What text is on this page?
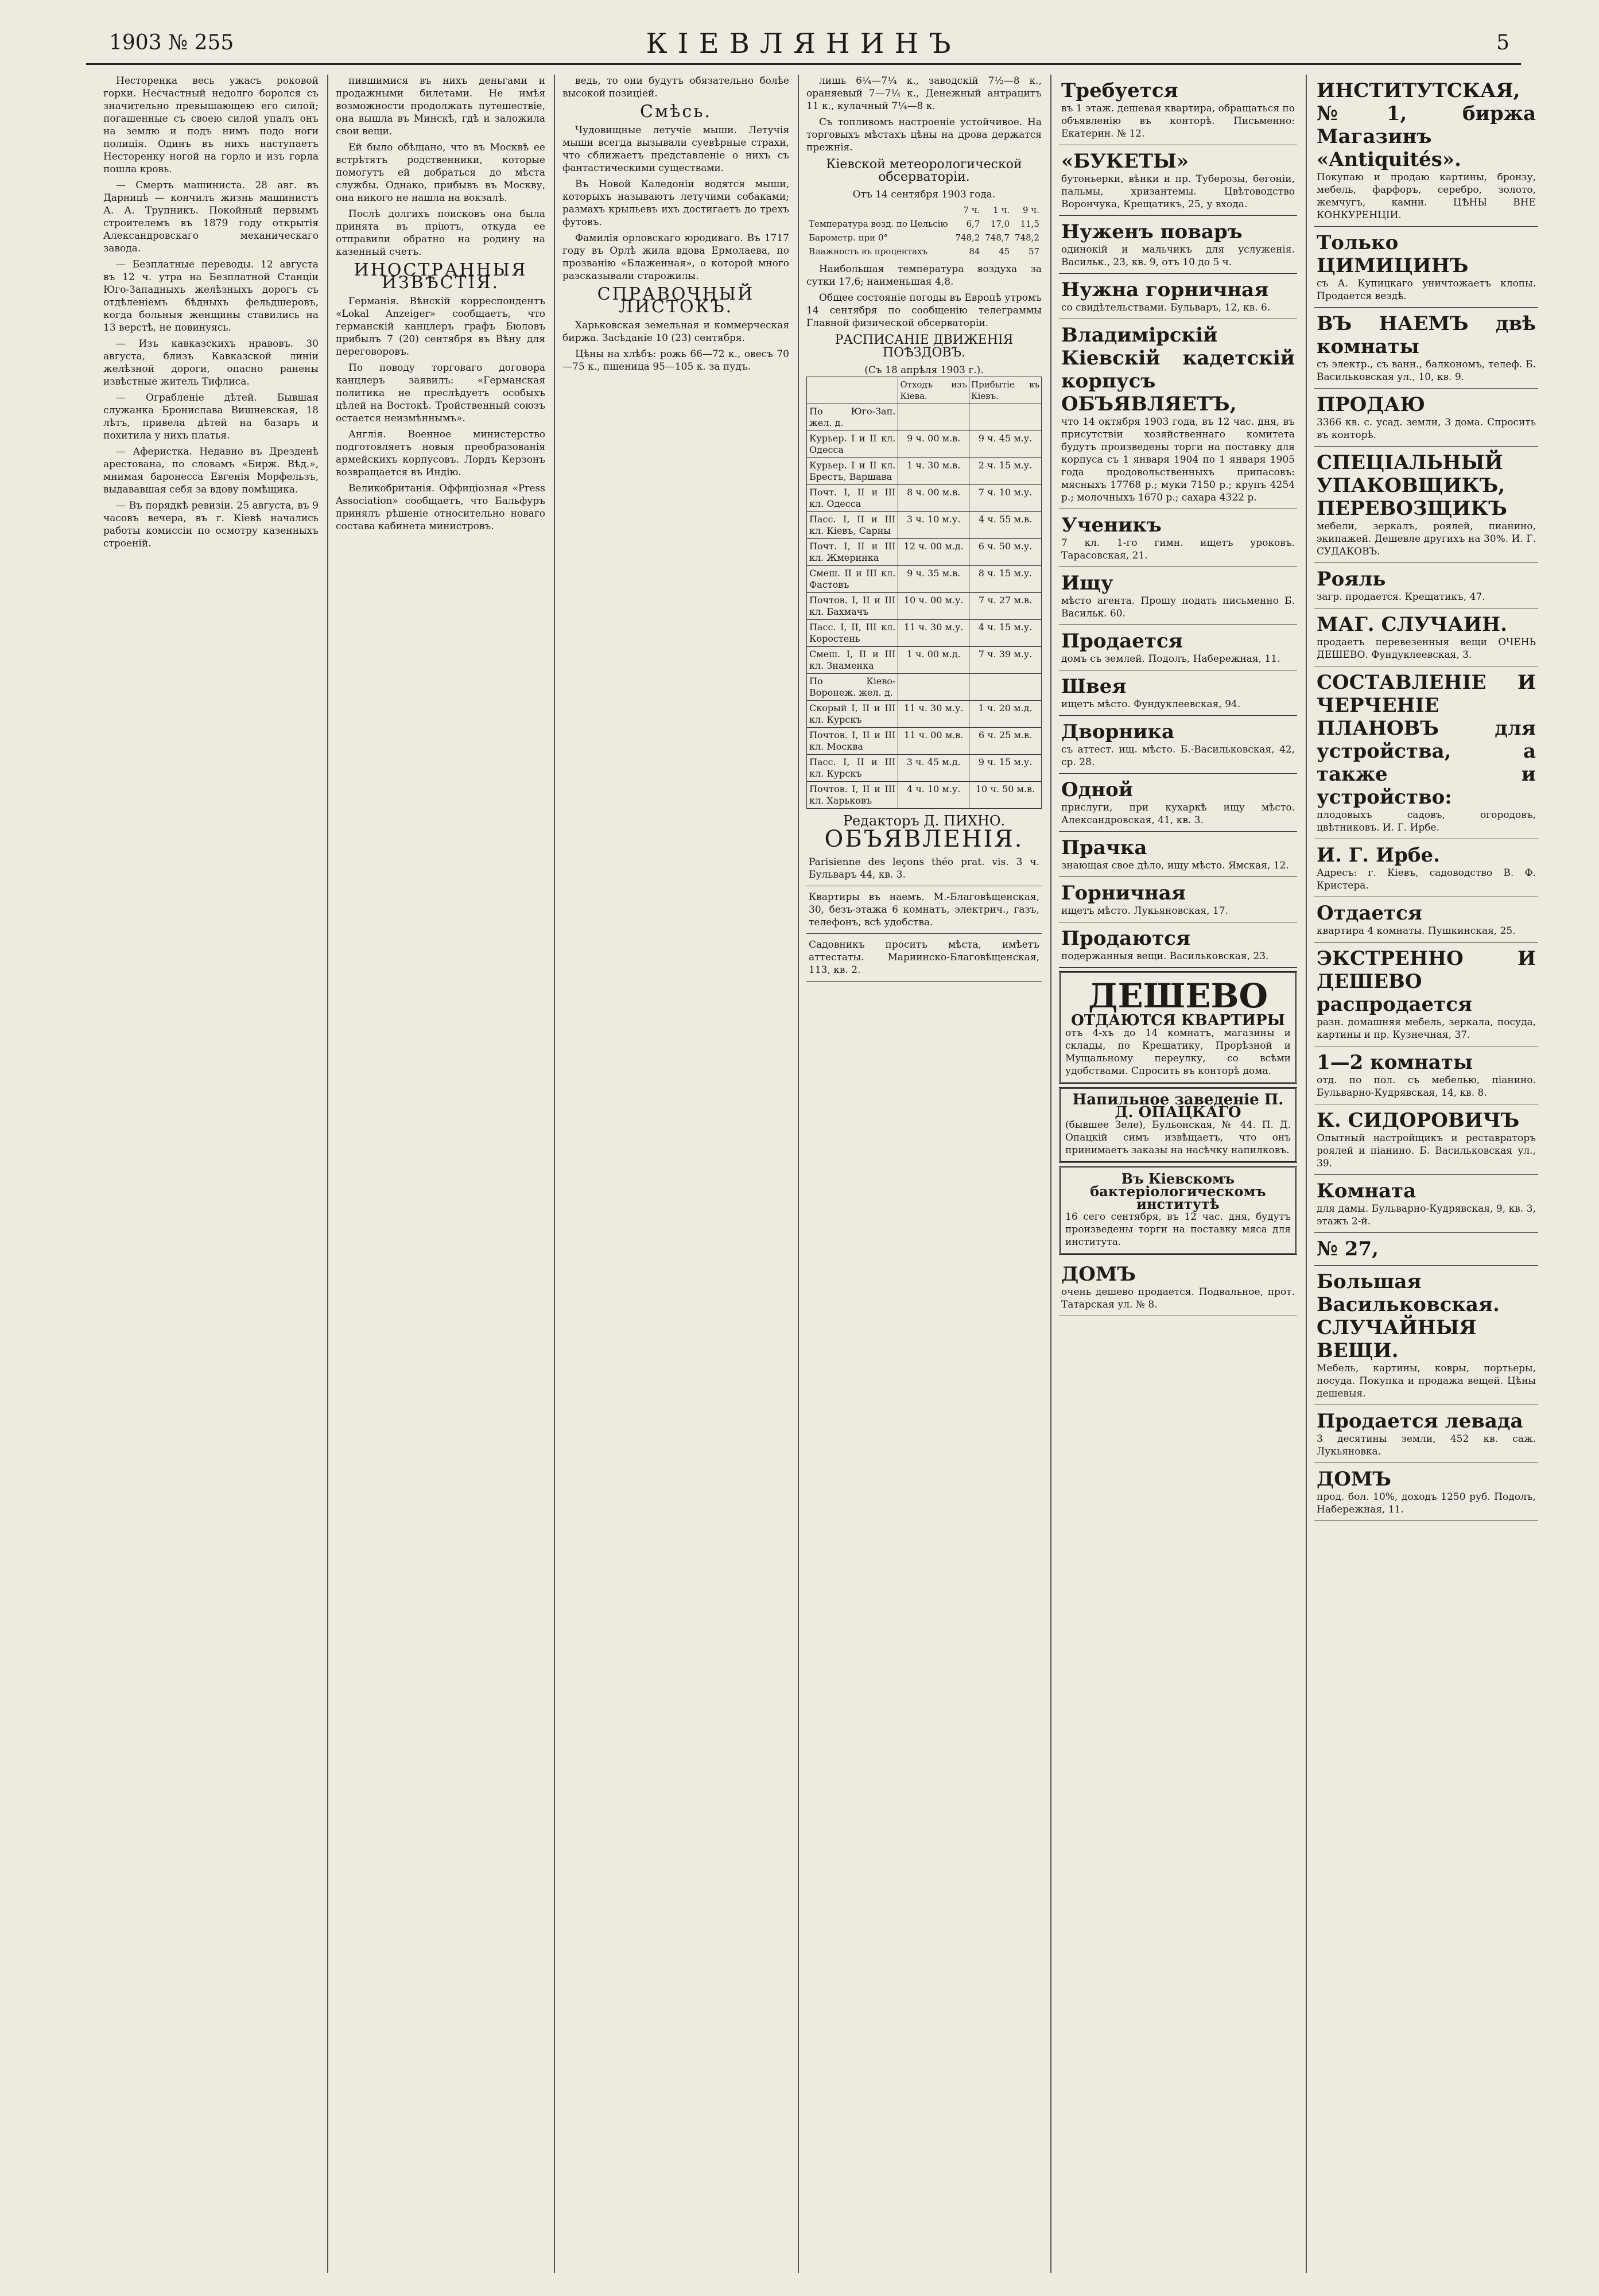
1903 № 255	КІЕВЛЯНИНЪ	5

Несторенка весь ужасъ роковой горки. Несчастный недолго боролся съ значительно превышающею его силой; погашенные съ своею силой упалъ онъ на землю и подъ нимъ подо ноги полиція. Одинъ въ нихъ наступаетъ Несторенку ногой на горло и изъ горла пошла кровь.

— Смерть машиниста. 28 авг. въ Дарницѣ — кончилъ жизнь машинистъ А. А. Трупникъ. Покойный первымъ строителемъ въ 1879 году открытія Александровскаго механическаго завода.

— Безплатные переводы. 12 августа въ 12 ч. утра на Безплатной Станціи Юго-Западныхъ желѣзныхъ дорогъ съ отдѣленіемъ бѣдныхъ фельдшеровъ, когда больныя женщины ставились на 13 верстѣ, не повинуясь.

— Изъ кавказскихъ нравовъ. 30 августа, близъ Кавказской линіи желѣзной дороги, опасно ранены извѣстные житель Тифлиса.

— Ограбленіе дѣтей. Бывшая служанка Бронислава Вишневская, 18 лѣтъ, привела дѣтей на базаръ и похитила у нихъ платья.

— Аферистка. Недавно въ Дрезденѣ арестована, по словамъ «Бирж. Вѣд.», мнимая баронесса Евгенія Морфельзъ, выдававшая себя за вдову помѣщика.

— Въ порядкѣ ревизіи. 25 августа, въ 9 часовъ вечера, въ г. Кіевѣ начались работы комиссіи по осмотру казенныхъ строеній.

пившимися въ нихъ деньгами и продажными билетами. Не имѣя возможности продолжать путешествіе, она вышла въ Минскѣ, гдѣ и заложила свои вещи.

Ей было обѣщано, что въ Москвѣ ее встрѣтятъ родственники, которые помогутъ ей добраться до мѣста службы. Однако, прибывъ въ Москву, она никого не нашла на вокзалѣ.

Послѣ долгихъ поисковъ она была принята въ пріютъ, откуда ее отправили обратно на родину на казенный счетъ.

ИНОСТРАННЫЯ ИЗВѢСТІЯ.

Германія. Вѣнскій корреспондентъ «Lokal Anzeiger» сообщаетъ, что германскій канцлеръ графъ Бюловъ прибылъ 7 (20) сентября въ Вѣну для переговоровъ.

По поводу торговаго договора канцлеръ заявилъ: «Германская политика не преслѣдуетъ особыхъ цѣлей на Востокѣ. Тройственный союзъ остается неизмѣннымъ».

Англія. Военное министерство подготовляетъ новыя преобразованія армейскихъ корпусовъ. Лордъ Керзонъ возвращается въ Индію.

Великобританія. Оффиціозная «Press Association» сообщаетъ, что Бальфуръ принялъ рѣшеніе относительно новаго состава кабинета министровъ.

ведь, то они будутъ обязательно болѣе высокой позиціей.

Смѣсь.

Чудовищные летучіе мыши. Летучія мыши всегда вызывали суевѣрные страхи, что сближаетъ представленіе о нихъ съ фантастическими существами.

Въ Новой Каледоніи водятся мыши, которыхъ называютъ летучими собаками; размахъ крыльевъ ихъ достигаетъ до трехъ футовъ.

Фамилія орловскаго юродиваго. Въ 1717 году въ Орлѣ жила вдова Ермолаева, по прозванію «Блаженная», о которой много разсказывали старожилы.

СПРАВОЧНЫЙ ЛИСТОКЪ.

Харьковская земельная и коммерческая биржа. Засѣданіе 10 (23) сентября.

Цѣны на хлѣбъ: рожь 66—72 к., овесъ 70—75 к., пшеница 95—105 к. за пудъ.

лишь 6¼—7¼ к., заводскій 7½—8 к., ораняевый 7—7¼ к., Денежный антрацитъ 11 к., кулачный 7¼—8 к.

Съ топливомъ настроеніе устойчивое. На торговыхъ мѣстахъ цѣны на дрова держатся прежнія.

Кіевской метеорологической обсерваторіи.
Отъ 14 сентября 1903 года.
	7 ч.	1 ч.	9 ч.
Температура возд. по Цельсію	6,7	17,0	11,5
Барометр. при 0°	748,2	748,7	748,2
Влажность въ процентахъ	84	45	57

Наибольшая температура воздуха за сутки 17,6; наименьшая 4,8.

Общее состояніе погоды въ Европѣ утромъ 14 сентября по сообщенію телеграммы Главной физической обсерваторіи.

РАСПИСАНІЕ ДВИЖЕНІЯ ПОѢЗДОВЪ.
(Съ 18 апрѣля 1903 г.).
	Отходъ изъ Кіева.	Прибытіе въ Кіевъ.
По Юго-Зап. жел. д.		
Курьер. I и II кл. Одесса	9 ч. 00 м.в.	9 ч. 45 м.у.
Курьер. I и II кл. Брестъ, Варшава	1 ч. 30 м.в.	2 ч. 15 м.у.
Почт. I, II и III кл. Одесса	8 ч. 00 м.в.	7 ч. 10 м.у.
Пасс. I, II и III кл. Кіевъ, Сарны	3 ч. 10 м.у.	4 ч. 55 м.в.
Почт. I, II и III кл. Жмеринка	12 ч. 00 м.д.	6 ч. 50 м.у.
Смеш. II и III кл. Фастовъ	9 ч. 35 м.в.	8 ч. 15 м.у.
Почтов. I, II и III кл. Бахмачъ	10 ч. 00 м.у.	7 ч. 27 м.в.
Пасс. I, II, III кл. Коростень	11 ч. 30 м.у.	4 ч. 15 м.у.
Смеш. I, II и III кл. Знаменка	1 ч. 00 м.д.	7 ч. 39 м.у.
По Кіево-Воронеж. жел. д.		
Скорый I, II и III кл. Курскъ	11 ч. 30 м.у.	1 ч. 20 м.д.
Почтов. I, II и III кл. Москва	11 ч. 00 м.в.	6 ч. 25 м.в.
Пасс. I, II и III кл. Курскъ	3 ч. 45 м.д.	9 ч. 15 м.у.
Почтов. I, II и III кл. Харьковъ	4 ч. 10 м.у.	10 ч. 50 м.в.
Редакторъ Д. ПИХНО.
ОБЪЯВЛЕНІЯ.
Parisienne des leçons théo prat. vis. 3 ч. Бульваръ 44, кв. 3.
Квартиры въ наемъ. М.-Благовѣщенская, 30, безъ-этажа 6 комнатъ, электрич., газъ, телефонъ, всѣ удобства.
Садовникъ проситъ мѣста, имѣетъ аттестаты. Мариинско-Благовѣщенская, 113, кв. 2.
Требуется
въ 1 этаж. дешевая квартира, обращаться по объявленію въ конторѣ. Письменно: Екатерин. № 12.
«БУКЕТЫ»
бутоньерки, вѣнки и пр. Туберозы, бегоніи, пальмы, хризантемы. Цвѣтоводство Ворончука, Крещатикъ, 25, у входа.
Нуженъ поваръ
одинокій и мальчикъ для услуженія. Васильк., 23, кв. 9, отъ 10 до 5 ч.
Нужна горничная
со свидѣтельствами. Бульваръ, 12, кв. 6.
Владимірскій Кіевскій кадетскій корпусъ ОБЪЯВЛЯЕТЪ,
что 14 октября 1903 года, въ 12 час. дня, въ присутствіи хозяйственнаго комитета будутъ произведены торги на поставку для корпуса съ 1 января 1904 по 1 января 1905 года продовольственныхъ припасовъ: мясныхъ 17768 р.; муки 7150 р.; крупъ 4254 р.; молочныхъ 1670 р.; сахара 4322 р.
Ученикъ
7 кл. 1-го гимн. ищетъ уроковъ. Тарасовская, 21.
Ищу
мѣсто агента. Прошу подать письменно Б. Васильк. 60.
Продается
домъ съ землей. Подолъ, Набережная, 11.
Швея
ищетъ мѣсто. Фундуклеевская, 94.
Дворника
съ аттест. ищ. мѣсто. Б.-Васильковская, 42, ср. 28.
Одной
прислуги, при кухаркѣ ищу мѣсто. Александровская, 41, кв. 3.
Прачка
знающая свое дѣло, ищу мѣсто. Ямская, 12.
Горничная
ищетъ мѣсто. Лукьяновская, 17.
Продаются
подержанныя вещи. Васильковская, 23.
ДЕШЕВО
ОТДАЮТСЯ КВАРТИРЫ
отъ 4-хъ до 14 комнатъ, магазины и склады, по Крещатику, Прорѣзной и Мущальному переулку, со всѣми удобствами. Спросить въ конторѣ дома.
Напильное заведеніе П. Д. ОПАЦКАГО
(бывшее Зеле), Бульонская, № 44. П. Д. Опацкій симъ извѣщаетъ, что онъ принимаетъ заказы на насѣчку напилковъ.
Въ Кіевскомъ бактеріологическомъ институтѣ
16 сего сентября, въ 12 час. дня, будутъ произведены торги на поставку мяса для института.
ДОМЪ
очень дешево продается. Подвальное, прот. Татарская ул. № 8.
ИНСТИТУТСКАЯ, №1, биржа Магазинъ «Antiquités».
Покупаю и продаю картины, бронзу, мебель, фарфоръ, серебро, золото, жемчугъ, камни. ЦѢНЫ ВНЕ КОНКУРЕНЦІИ.
Только ЦИМИЦИНЪ
съ А. Купицкаго уничтожаетъ клопы. Продается вездѣ.
ВЪ НАЕМЪ двѣ комнаты
съ электр., съ ванн., балкономъ, телеф. Б. Васильковская ул., 10, кв. 9.
ПРОДАЮ
3366 кв. с. усад. земли, 3 дома. Спросить въ конторѣ.
СПЕЦІАЛЬНЫЙ УПАКОВЩИКЪ, ПЕРЕВОЗЩИКЪ
мебели, зеркалъ, роялей, пианино, экипажей. Дешевле другихъ на 30%. И. Г. СУДАКОВЪ.
Рояль
загр. продается. Крещатикъ, 47.
МАГ. СЛУЧАИН.
продаетъ перевезенныя вещи ОЧЕНЬ ДЕШЕВО. Фундуклеевская, 3.
СОСТАВЛЕНІЕ И ЧЕРЧЕНІЕ ПЛАНОВЪ для устройства, а также и устройство:
плодовыхъ садовъ, огородовъ, цвѣтниковъ. И. Г. Ирбе.
И. Г. Ирбе.
Адресъ: г. Кіевъ, садоводство В. Ф. Кристера.
Отдается
квартира 4 комнаты. Пушкинская, 25.
ЭКСТРЕННО И ДЕШЕВО распродается
разн. домашняя мебель, зеркала, посуда, картины и пр. Кузнечная, 37.
1—2 комнаты
отд. по пол. съ мебелью, піанино. Бульварно-Кудрявская, 14, кв. 8.
К. СИДОРОВИЧЪ
Опытный настройщикъ и реставраторъ роялей и піанино. Б. Васильковская ул., 39.
Комната
для дамы. Бульварно-Кудрявская, 9, кв. 3, этажъ 2-й.
№ 27,
Большая Васильковская. СЛУЧАЙНЫЯ ВЕЩИ.
Мебель, картины, ковры, портьеры, посуда. Покупка и продажа вещей. Цѣны дешевыя.
Продается левада
3 десятины земли, 452 кв. саж. Лукьяновка.
ДОМЪ
прод. бол. 10%, доходъ 1250 руб. Подолъ, Набережная, 11.
